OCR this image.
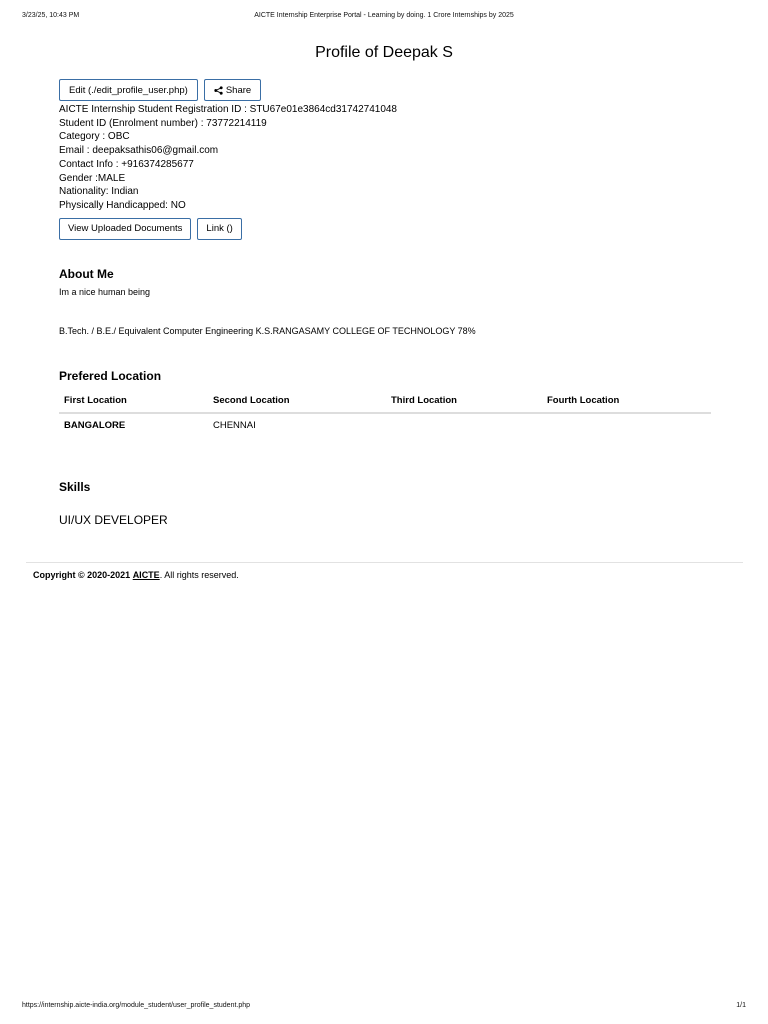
3/23/25, 10:43 PM	AICTE Internship Enterprise Portal - Learning by doing. 1 Crore Internships by 2025
Profile of Deepak S
Edit (./edit_profile_user.php)	Share
AICTE Internship Student Registration ID : STU67e01e3864cd31742741048
Student ID (Enrolment number) : 73772214119
Category : OBC
Email : deepaksathis06@gmail.com
Contact Info : +916374285677
Gender :MALE
Nationality: Indian
Physically Handicapped: NO
View Uploaded Documents	Link ()
About Me
Im a nice human being
B.Tech. / B.E./ Equivalent Computer Engineering K.S.RANGASAMY COLLEGE OF TECHNOLOGY 78%
Prefered Location
First Location	Second Location	Third Location	Fourth Location
BANGALORE	CHENNAI		
Skills
UI/UX DEVELOPER
Copyright © 2020-2021 AICTE. All rights reserved.
https://internship.aicte-india.org/module_student/user_profile_student.php	1/1
